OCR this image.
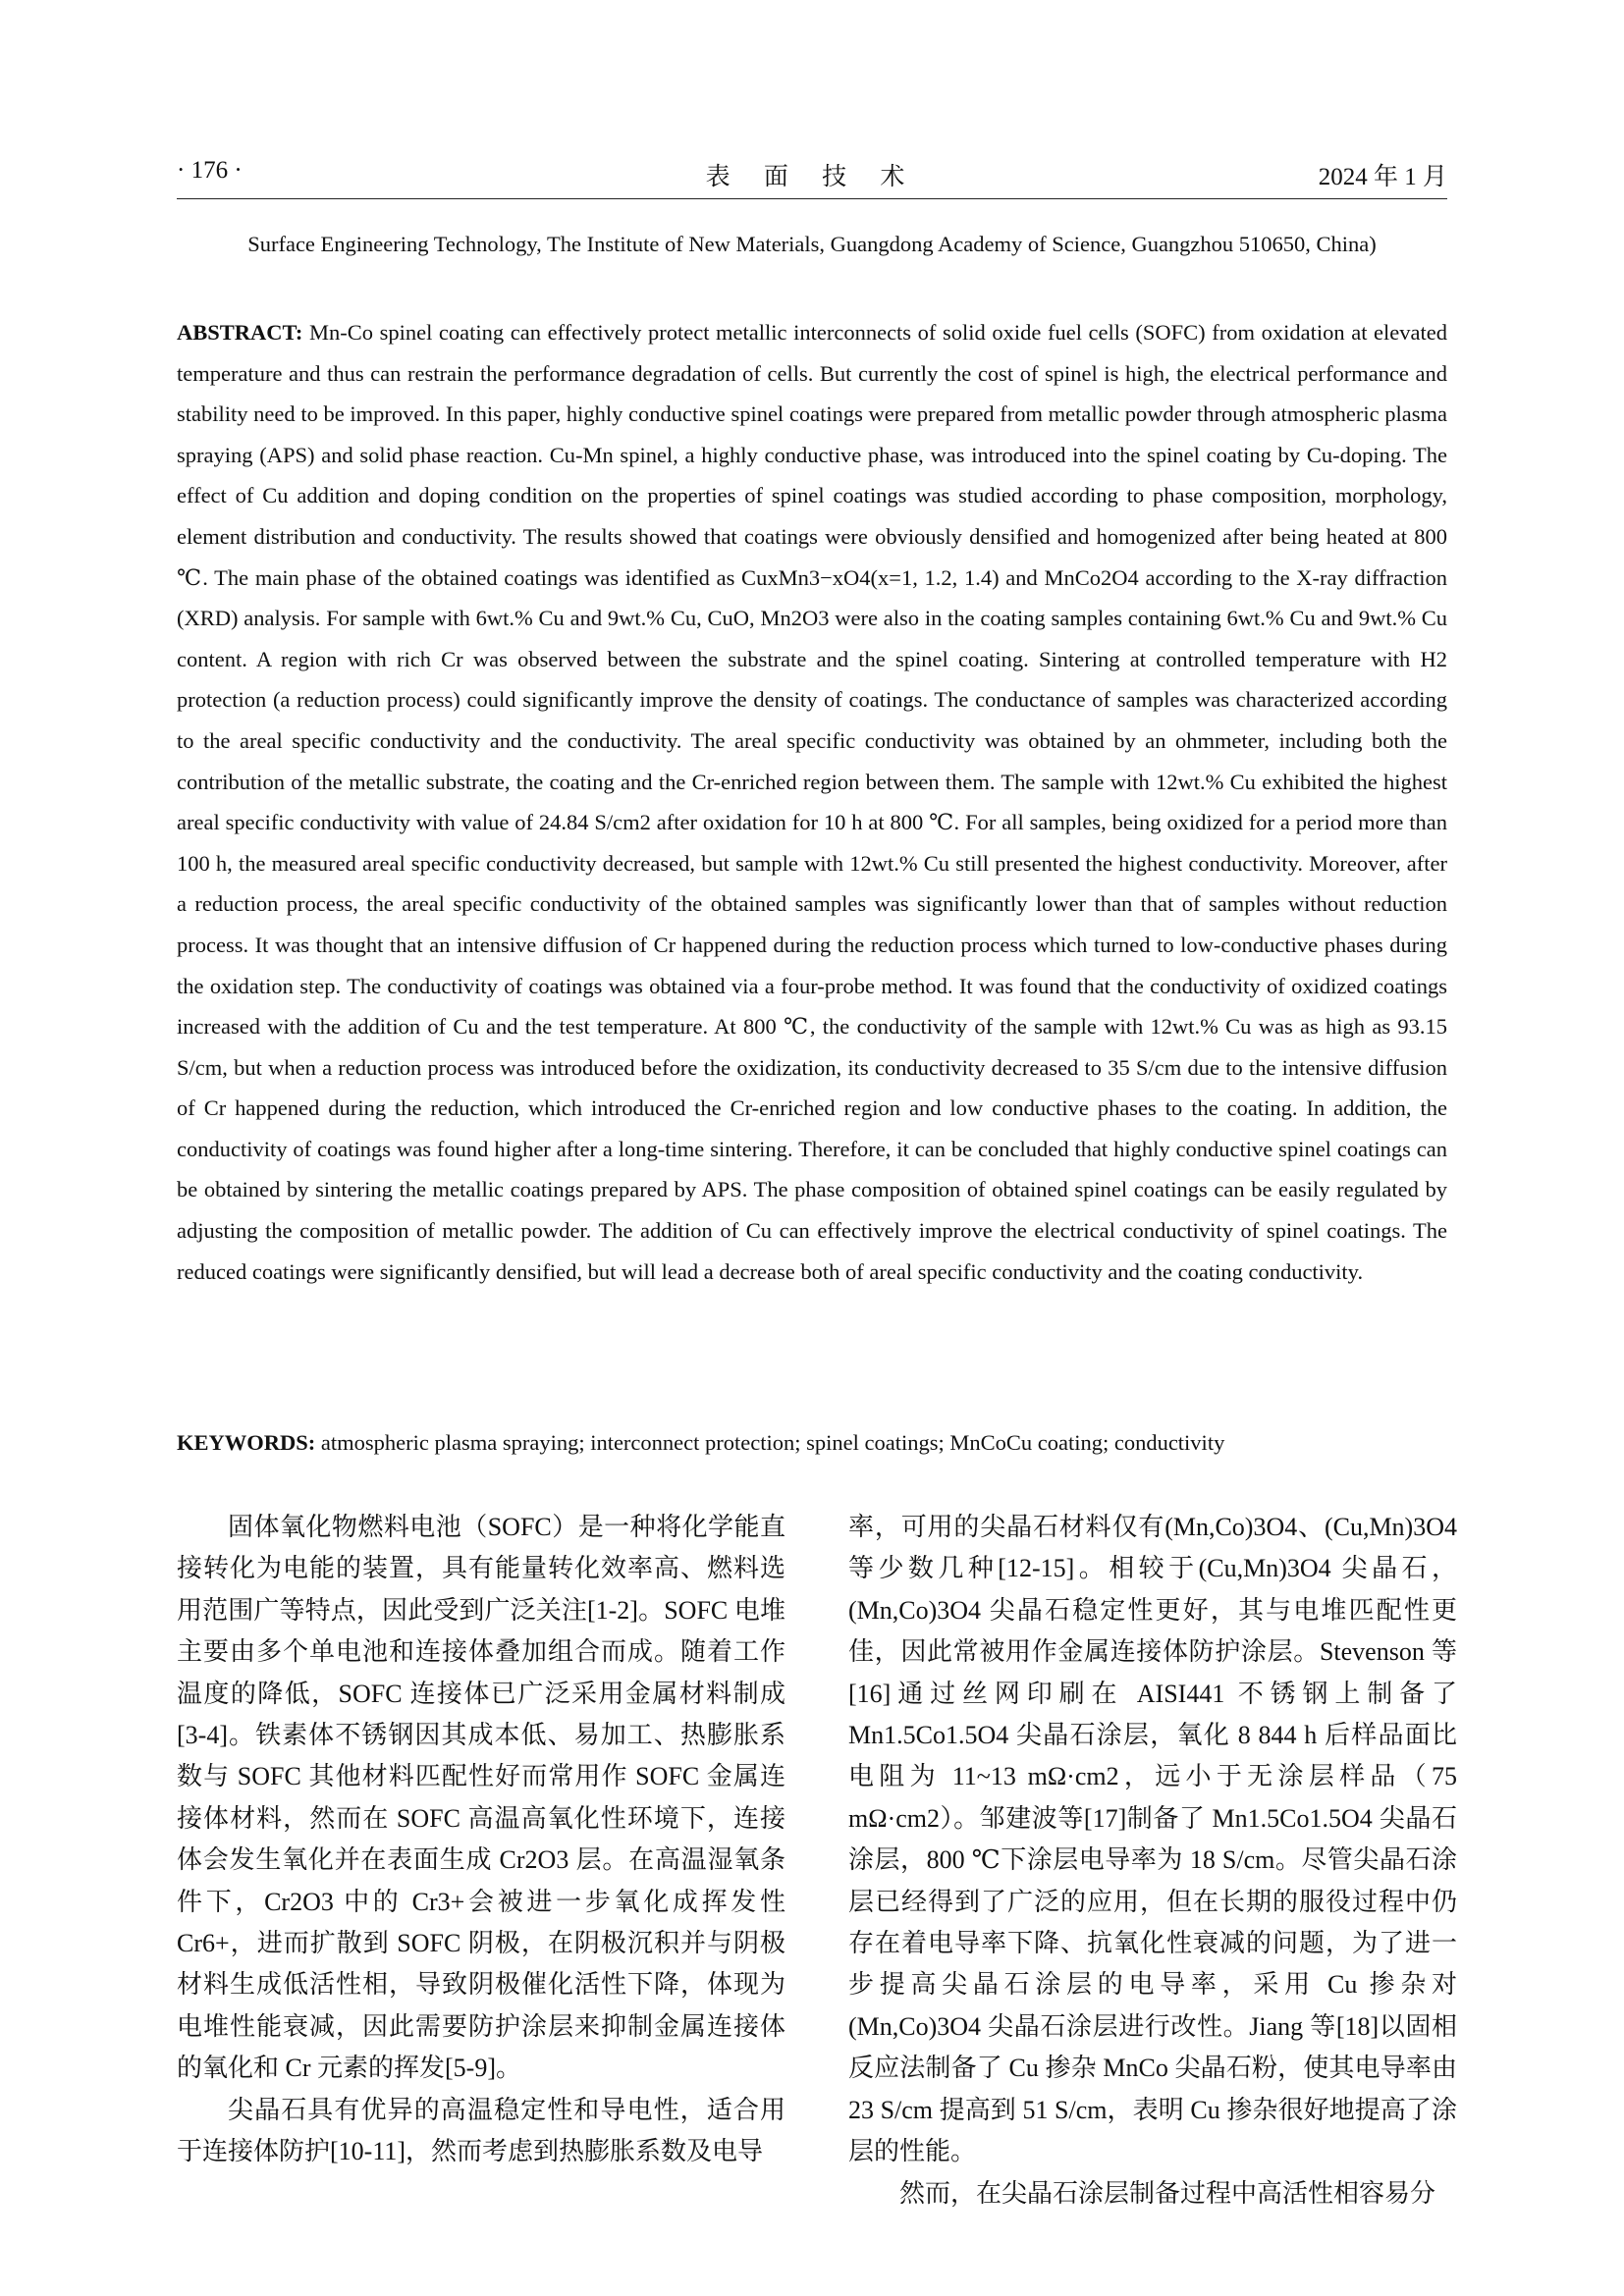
· 176 ·	表 面 技 术	2024 年 1 月
Surface Engineering Technology, The Institute of New Materials, Guangdong Academy of Science, Guangzhou 510650, China)
ABSTRACT: Mn-Co spinel coating can effectively protect metallic interconnects of solid oxide fuel cells (SOFC) from oxidation at elevated temperature and thus can restrain the performance degradation of cells. But currently the cost of spinel is high, the electrical performance and stability need to be improved. In this paper, highly conductive spinel coatings were prepared from metallic powder through atmospheric plasma spraying (APS) and solid phase reaction. Cu-Mn spinel, a highly conductive phase, was introduced into the spinel coating by Cu-doping. The effect of Cu addition and doping condition on the properties of spinel coatings was studied according to phase composition, morphology, element distribution and conductivity. The results showed that coatings were obviously densified and homogenized after being heated at 800 ℃. The main phase of the obtained coatings was identified as CuxMn3−xO4(x=1, 1.2, 1.4) and MnCo2O4 according to the X-ray diffraction (XRD) analysis. For sample with 6wt.% Cu and 9wt.% Cu, CuO, Mn2O3 were also in the coating samples containing 6wt.% Cu and 9wt.% Cu content. A region with rich Cr was observed between the substrate and the spinel coating. Sintering at controlled temperature with H2 protection (a reduction process) could significantly improve the density of coatings. The conductance of samples was characterized according to the areal specific conductivity and the conductivity. The areal specific conductivity was obtained by an ohmmeter, including both the contribution of the metallic substrate, the coating and the Cr-enriched region between them. The sample with 12wt.% Cu exhibited the highest areal specific conductivity with value of 24.84 S/cm2 after oxidation for 10 h at 800 ℃. For all samples, being oxidized for a period more than 100 h, the measured areal specific conductivity decreased, but sample with 12wt.% Cu still presented the highest conductivity. Moreover, after a reduction process, the areal specific conductivity of the obtained samples was significantly lower than that of samples without reduction process. It was thought that an intensive diffusion of Cr happened during the reduction process which turned to low-conductive phases during the oxidation step. The conductivity of coatings was obtained via a four-probe method. It was found that the conductivity of oxidized coatings increased with the addition of Cu and the test temperature. At 800 ℃, the conductivity of the sample with 12wt.% Cu was as high as 93.15 S/cm, but when a reduction process was introduced before the oxidization, its conductivity decreased to 35 S/cm due to the intensive diffusion of Cr happened during the reduction, which introduced the Cr-enriched region and low conductive phases to the coating. In addition, the conductivity of coatings was found higher after a long-time sintering. Therefore, it can be concluded that highly conductive spinel coatings can be obtained by sintering the metallic coatings prepared by APS. The phase composition of obtained spinel coatings can be easily regulated by adjusting the composition of metallic powder. The addition of Cu can effectively improve the electrical conductivity of spinel coatings. The reduced coatings were significantly densified, but will lead a decrease both of areal specific conductivity and the coating conductivity.
KEYWORDS: atmospheric plasma spraying; interconnect protection; spinel coatings; MnCoCu coating; conductivity

固体氧化物燃料电池（SOFC）是一种将化学能直接转化为电能的装置，具有能量转化效率高、燃料选用范围广等特点，因此受到广泛关注[1-2]。SOFC 电堆主要由多个单电池和连接体叠加组合而成。随着工作温度的降低，SOFC 连接体已广泛采用金属材料制成[3-4]。铁素体不锈钢因其成本低、易加工、热膨胀系数与 SOFC 其他材料匹配性好而常用作 SOFC 金属连接体材料，然而在 SOFC 高温高氧化性环境下，连接体会发生氧化并在表面生成 Cr2O3 层。在高温湿氧条件下，Cr2O3 中的 Cr3+会被进一步氧化成挥发性 Cr6+，进而扩散到 SOFC 阴极，在阴极沉积并与阴极材料生成低活性相，导致阴极催化活性下降，体现为电堆性能衰减，因此需要防护涂层来抑制金属连接体的氧化和 Cr 元素的挥发[5-9]。

尖晶石具有优异的高温稳定性和导电性，适合用于连接体防护[10-11]，然而考虑到热膨胀系数及电导

率，可用的尖晶石材料仅有(Mn,Co)3O4、(Cu,Mn)3O4 等少数几种[12-15]。相较于(Cu,Mn)3O4 尖晶石，(Mn,Co)3O4 尖晶石稳定性更好，其与电堆匹配性更佳，因此常被用作金属连接体防护涂层。Stevenson 等[16]通过丝网印刷在 AISI441 不锈钢上制备了 Mn1.5Co1.5O4 尖晶石涂层，氧化 8 844 h 后样品面比电阻为 11~13 mΩ·cm2，远小于无涂层样品（75 mΩ·cm2）。邹建波等[17]制备了 Mn1.5Co1.5O4 尖晶石涂层，800 ℃下涂层电导率为 18 S/cm。尽管尖晶石涂层已经得到了广泛的应用，但在长期的服役过程中仍存在着电导率下降、抗氧化性衰减的问题，为了进一步提高尖晶石涂层的电导率，采用 Cu 掺杂对(Mn,Co)3O4 尖晶石涂层进行改性。Jiang 等[18]以固相反应法制备了 Cu 掺杂 MnCo 尖晶石粉，使其电导率由 23 S/cm 提高到 51 S/cm，表明 Cu 掺杂很好地提高了涂层的性能。

然而，在尖晶石涂层制备过程中高活性相容易分
